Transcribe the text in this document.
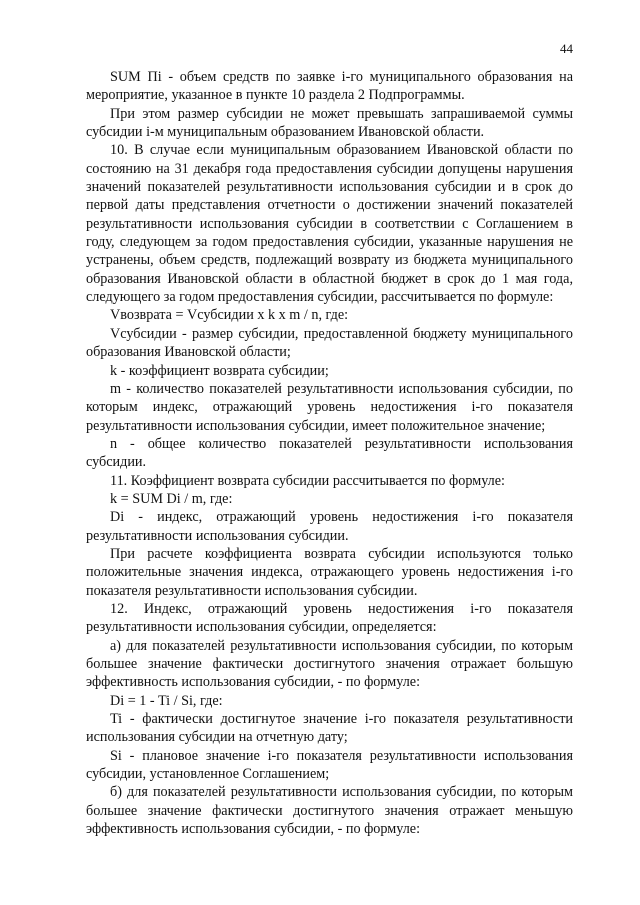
44

SUM Пi - объем средств по заявке i-го муниципального образования на мероприятие, указанное в пункте 10 раздела 2 Подпрограммы.

При этом размер субсидии не может превышать запрашиваемой суммы субсидии i-м муниципальным образованием Ивановской области.

10. В случае если муниципальным образованием Ивановской области по состоянию на 31 декабря года предоставления субсидии допущены нарушения значений показателей результативности использования субсидии и в срок до первой даты представления отчетности о достижении значений показателей результативности использования субсидии в соответствии с Соглашением в году, следующем за годом предоставления субсидии, указанные нарушения не устранены, объем средств, подлежащий возврату из бюджета муниципального образования Ивановской области в областной бюджет в срок до 1 мая года, следующего за годом предоставления субсидии, рассчитывается по формуле:

Vвозврата = Vсубсидии x k x m / n, где:

Vсубсидии - размер субсидии, предоставленной бюджету муниципального образования Ивановской области;

k - коэффициент возврата субсидии;

m - количество показателей результативности использования субсидии, по которым индекс, отражающий уровень недостижения i-го показателя результативности использования субсидии, имеет положительное значение;

n - общее количество показателей результативности использования субсидии.

11. Коэффициент возврата субсидии рассчитывается по формуле:

k = SUM Di / m, где:

Di - индекс, отражающий уровень недостижения i-го показателя результативности использования субсидии.

При расчете коэффициента возврата субсидии используются только положительные значения индекса, отражающего уровень недостижения i-го показателя результативности использования субсидии.

12. Индекс, отражающий уровень недостижения i-го показателя результативности использования субсидии, определяется:

а) для показателей результативности использования субсидии, по которым большее значение фактически достигнутого значения отражает большую эффективность использования субсидии, - по формуле:

Di = 1 - Ti / Si, где:

Ti - фактически достигнутое значение i-го показателя результативности использования субсидии на отчетную дату;

Si - плановое значение i-го показателя результативности использования субсидии, установленное Соглашением;

б) для показателей результативности использования субсидии, по которым большее значение фактически достигнутого значения отражает меньшую эффективность использования субсидии, - по формуле:
